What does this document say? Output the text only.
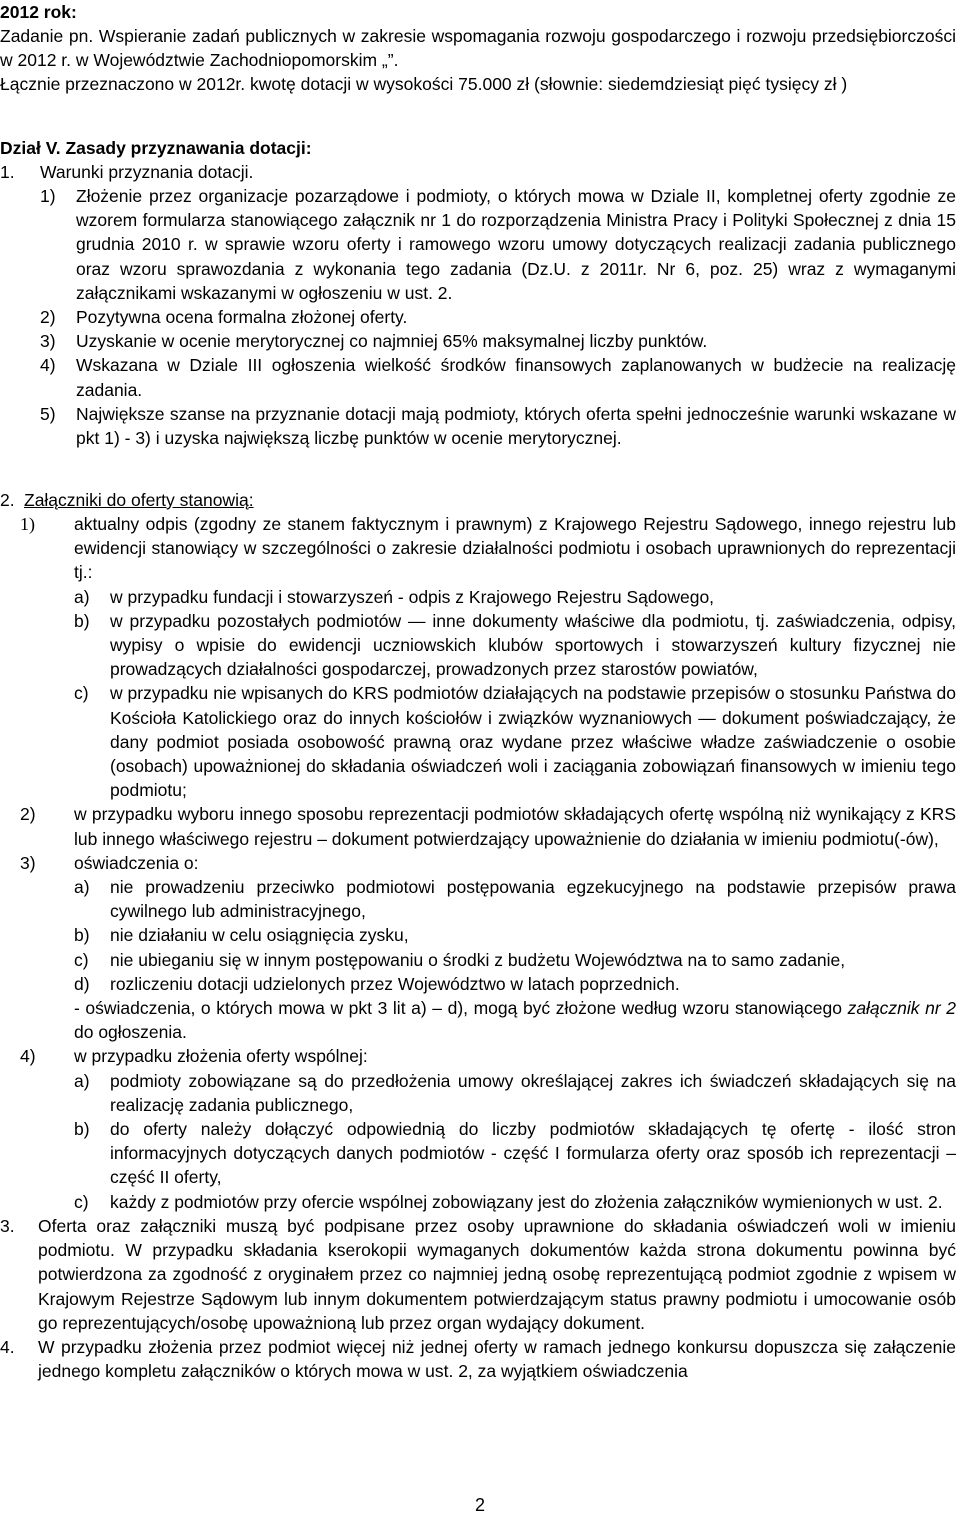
2012 rok:

Zadanie pn. Wspieranie zadań publicznych w zakresie wspomagania rozwoju gospodarczego i rozwoju przedsiębiorczości w 2012 r. w Województwie Zachodniopomorskim „”.

Łącznie przeznaczono w 2012r. kwotę dotacji w wysokości 75.000 zł (słownie: siedemdziesiąt pięć tysięcy zł )

Dział V. Zasady przyznawania dotacji:

1.	Warunki przyznania dotacji.
1)	Złożenie przez organizacje pozarządowe i podmioty, o których mowa w Dziale II, kompletnej oferty zgodnie ze wzorem formularza stanowiącego załącznik nr 1 do rozporządzenia Ministra Pracy i Polityki Społecznej z dnia 15 grudnia 2010 r. w sprawie wzoru oferty i ramowego wzoru umowy dotyczących realizacji zadania publicznego oraz wzoru sprawozdania z wykonania tego zadania (Dz.U. z 2011r. Nr 6, poz. 25) wraz z wymaganymi załącznikami wskazanymi w ogłoszeniu w ust. 2.
2)	Pozytywna ocena formalna złożonej oferty.
3)	Uzyskanie w ocenie merytorycznej co najmniej 65% maksymalnej liczby punktów.
4)	Wskazana w Dziale III ogłoszenia wielkość środków finansowych zaplanowanych w budżecie na realizację zadania.
5)	Największe szanse na przyznanie dotacji mają podmioty, których oferta spełni jednocześnie warunki wskazane w pkt 1) - 3) i uzyska największą liczbę punktów w ocenie merytorycznej.
2. Załączniki do oferty stanowią:
1)	aktualny odpis (zgodny ze stanem faktycznym i prawnym) z Krajowego Rejestru Sądowego, innego rejestru lub ewidencji stanowiący w szczególności o zakresie działalności podmiotu i osobach uprawnionych do reprezentacji tj.:
a)	w przypadku fundacji i stowarzyszeń - odpis z Krajowego Rejestru Sądowego,
b)	w przypadku pozostałych podmiotów — inne dokumenty właściwe dla podmiotu, tj. zaświadczenia, odpisy, wypisy o wpisie do ewidencji uczniowskich klubów sportowych i stowarzyszeń kultury fizycznej nie prowadzących działalności gospodarczej, prowadzonych przez starostów powiatów,
c)	w przypadku nie wpisanych do KRS podmiotów działających na podstawie przepisów o stosunku Państwa do Kościoła Katolickiego oraz do innych kościołów i związków wyznaniowych — dokument poświadczający, że dany podmiot posiada osobowość prawną oraz wydane przez właściwe władze zaświadczenie o osobie (osobach) upoważnionej do składania oświadczeń woli i zaciągania zobowiązań finansowych w imieniu tego podmiotu;
2)	w przypadku wyboru innego sposobu reprezentacji podmiotów składających ofertę wspólną niż wynikający z KRS lub innego właściwego rejestru – dokument potwierdzający upoważnienie do działania w imieniu podmiotu(-ów),
3)	oświadczenia o:
a)	nie prowadzeniu przeciwko podmiotowi postępowania egzekucyjnego na podstawie przepisów prawa cywilnego lub administracyjnego,
b)	nie działaniu w celu osiągnięcia zysku,
c)	nie ubieganiu się w innym postępowaniu o środki z budżetu Województwa na to samo zadanie,
d)	rozliczeniu dotacji udzielonych przez Województwo w latach poprzednich.

- oświadczenia, o których mowa w pkt 3 lit a) – d), mogą być złożone według wzoru stanowiącego załącznik nr 2 do ogłoszenia.

4)	w przypadku złożenia oferty wspólnej:
a)	podmioty zobowiązane są do przedłożenia umowy określającej zakres ich świadczeń składających się na realizację zadania publicznego,
b)	do oferty należy dołączyć odpowiednią do liczby podmiotów składających tę ofertę - ilość stron informacyjnych dotyczących danych podmiotów - część I formularza oferty oraz sposób ich reprezentacji – część II oferty,
c)	każdy z podmiotów przy ofercie wspólnej zobowiązany jest do złożenia załączników wymienionych w ust. 2.
3.	Oferta oraz załączniki muszą być podpisane przez osoby uprawnione do składania oświadczeń woli w imieniu podmiotu. W przypadku składania kserokopii wymaganych dokumentów każda strona dokumentu powinna być potwierdzona za zgodność z oryginałem przez co najmniej jedną osobę reprezentującą podmiot zgodnie z wpisem w Krajowym Rejestrze Sądowym lub innym dokumentem potwierdzającym status prawny podmiotu i umocowanie osób go reprezentujących/osobę upoważnioną lub przez organ wydający dokument.
4.	W przypadku złożenia przez podmiot więcej niż jednej oferty w ramach jednego konkursu dopuszcza się załączenie jednego kompletu załączników o których mowa w ust. 2, za wyjątkiem oświadczenia
2
